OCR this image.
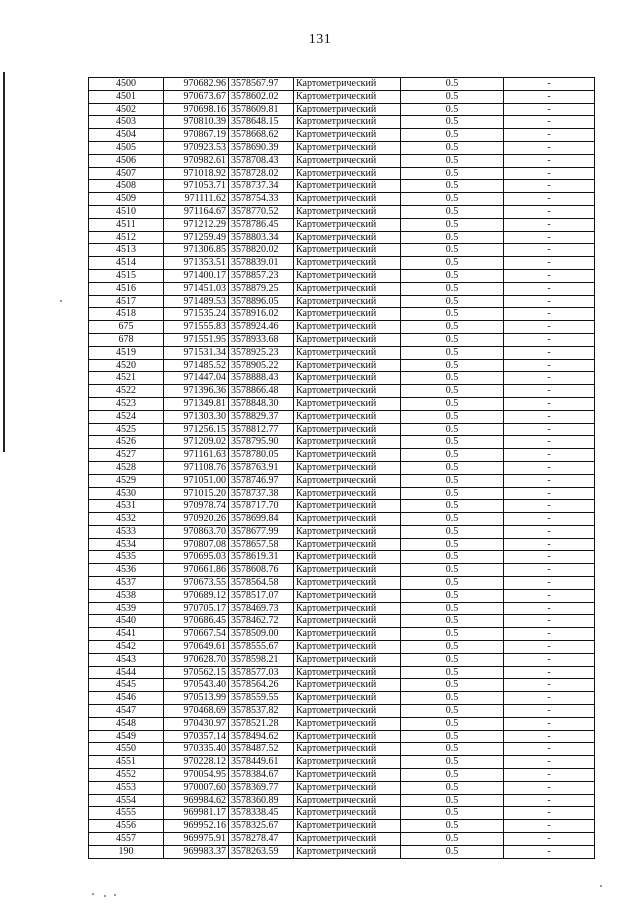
131
4500	970682.96	3578567.97	Картометрический	0.5	-
4501	970673.67	3578602.02	Картометрический	0.5	-
4502	970698.16	3578609.81	Картометрический	0.5	-
4503	970810.39	3578648.15	Картометрический	0.5	-
4504	970867.19	3578668.62	Картометрический	0.5	-
4505	970923.53	3578690.39	Картометрический	0.5	-
4506	970982.61	3578708.43	Картометрический	0.5	-
4507	971018.92	3578728.02	Картометрический	0.5	-
4508	971053.71	3578737.34	Картометрический	0.5	-
4509	971111.62	3578754.33	Картометрический	0.5	-
4510	971164.67	3578770.52	Картометрический	0.5	-
4511	971212.29	3578786.45	Картометрический	0.5	-
4512	971259.49	3578803.34	Картометрический	0.5	-
4513	971306.85	3578820.02	Картометрический	0.5	-
4514	971353.51	3578839.01	Картометрический	0.5	-
4515	971400.17	3578857.23	Картометрический	0.5	-
4516	971451.03	3578879.25	Картометрический	0.5	-
4517	971489.53	3578896.05	Картометрический	0.5	-
4518	971535.24	3578916.02	Картометрический	0.5	-
675	971555.83	3578924.46	Картометрический	0.5	-
678	971551.95	3578933.68	Картометрический	0.5	-
4519	971531.34	3578925.23	Картометрический	0.5	-
4520	971485.52	3578905.22	Картометрический	0.5	-
4521	971447.04	3578888.43	Картометрический	0.5	-
4522	971396.36	3578866.48	Картометрический	0.5	-
4523	971349.81	3578848.30	Картометрический	0.5	-
4524	971303.30	3578829.37	Картометрический	0.5	-
4525	971256.15	3578812.77	Картометрический	0.5	-
4526	971209.02	3578795.90	Картометрический	0.5	-
4527	971161.63	3578780.05	Картометрический	0.5	-
4528	971108.76	3578763.91	Картометрический	0.5	-
4529	971051.00	3578746.97	Картометрический	0.5	-
4530	971015.20	3578737.38	Картометрический	0.5	-
4531	970978.74	3578717.70	Картометрический	0.5	-
4532	970920.26	3578699.84	Картометрический	0.5	-
4533	970863.70	3578677.99	Картометрический	0.5	-
4534	970807.08	3578657.58	Картометрический	0.5	-
4535	970695.03	3578619.31	Картометрический	0.5	-
4536	970661.86	3578608.76	Картометрический	0.5	-
4537	970673.55	3578564.58	Картометрический	0.5	-
4538	970689.12	3578517.07	Картометрический	0.5	-
4539	970705.17	3578469.73	Картометрический	0.5	-
4540	970686.45	3578462.72	Картометрический	0.5	-
4541	970667.54	3578509.00	Картометрический	0.5	-
4542	970649.61	3578555.67	Картометрический	0.5	-
4543	970628.70	3578598.21	Картометрический	0.5	-
4544	970562.15	3578577.03	Картометрический	0.5	-
4545	970543.40	3578564.26	Картометрический	0.5	-
4546	970513.99	3578559.55	Картометрический	0.5	-
4547	970468.69	3578537.82	Картометрический	0.5	-
4548	970430.97	3578521.28	Картометрический	0.5	-
4549	970357.14	3578494.62	Картометрический	0.5	-
4550	970335.40	3578487.52	Картометрический	0.5	-
4551	970228.12	3578449.61	Картометрический	0.5	-
4552	970054.95	3578384.67	Картометрический	0.5	-
4553	970007.60	3578369.77	Картометрический	0.5	-
4554	969984.62	3578360.89	Картометрический	0.5	-
4555	969981.17	3578338.45	Картометрический	0.5	-
4556	969952.16	3578325.67	Картометрический	0.5	-
4557	969975.91	3578278.47	Картометрический	0.5	-
190	969983.37	3578263.59	Картометрический	0.5	-
